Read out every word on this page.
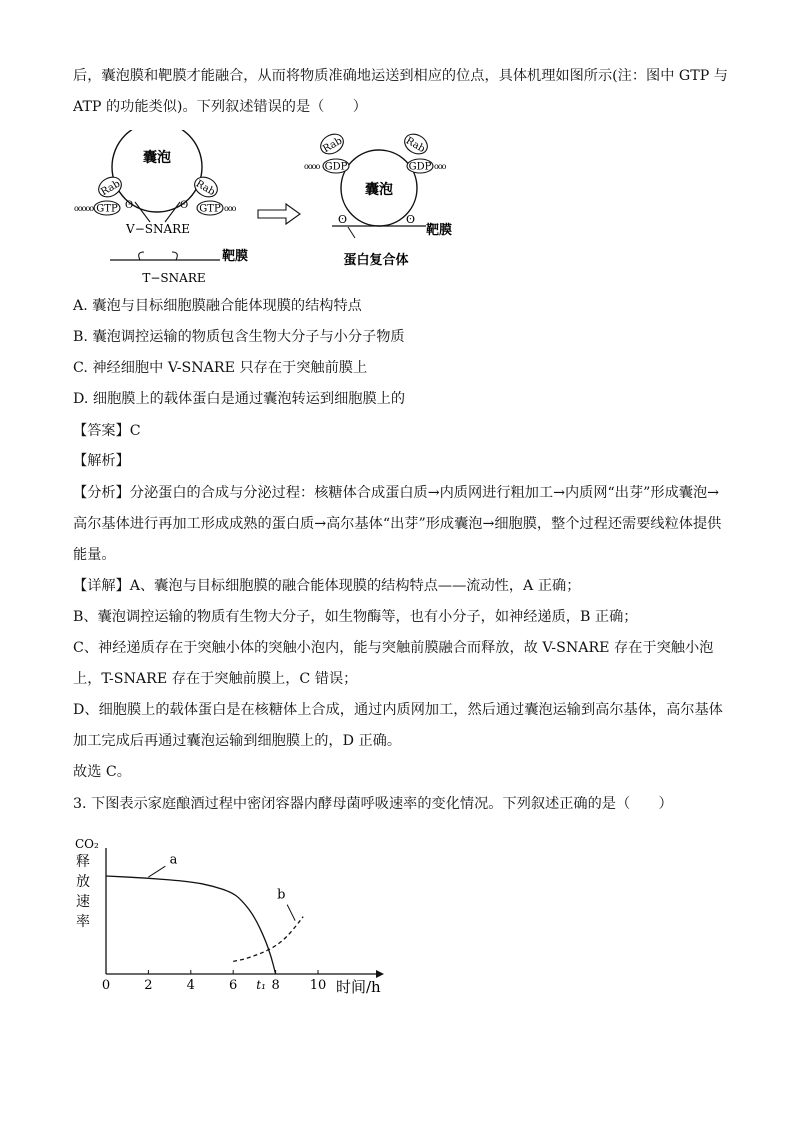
后，囊泡膜和靶膜才能融合，从而将物质准确地运送到相应的位点，具体机理如图所示(注：图中 GTP 与
ATP 的功能类似)。下列叙述错误的是（　　）
囊泡
Rab
GTP
ooooo	ʘ
Rab
GTP ooo
ʘ
V−SNARE
靶膜
T−SNARE
囊泡
Rab
GDP
oooo
Rab
GDP ooo
ʘ	ʘ
靶膜
蛋白复合体
A. 囊泡与目标细胞膜融合能体现膜的结构特点
B. 囊泡调控运输的物质包含生物大分子与小分子物质
C. 神经细胞中 V-SNARE 只存在于突触前膜上
D. 细胞膜上的载体蛋白是通过囊泡转运到细胞膜上的
【答案】C
【解析】
【分析】分泌蛋白的合成与分泌过程：核糖体合成蛋白质→内质网进行粗加工→内质网“出芽”形成囊泡→
高尔基体进行再加工形成成熟的蛋白质→高尔基体“出芽”形成囊泡→细胞膜，整个过程还需要线粒体提供
能量。
【详解】A、囊泡与目标细胞膜的融合能体现膜的结构特点——流动性，A 正确；
B、囊泡调控运输的物质有生物大分子，如生物酶等，也有小分子，如神经递质，B 正确；
C、神经递质存在于突触小体的突触小泡内，能与突触前膜融合而释放，故 V-SNARE 存在于突触小泡
上，T-SNARE 存在于突触前膜上，C 错误；
D、细胞膜上的载体蛋白是在核糖体上合成，通过内质网加工，然后通过囊泡运输到高尔基体，高尔基体
加工完成后再通过囊泡运输到细胞膜上的，D 正确。
故选 C。
3. 下图表示家庭酿酒过程中密闭容器内酵母菌呼吸速率的变化情况。下列叙述正确的是（　　）
CO₂
释
放
速
率
0	2	4	6	8 10
t₁
a
b
时间/h
